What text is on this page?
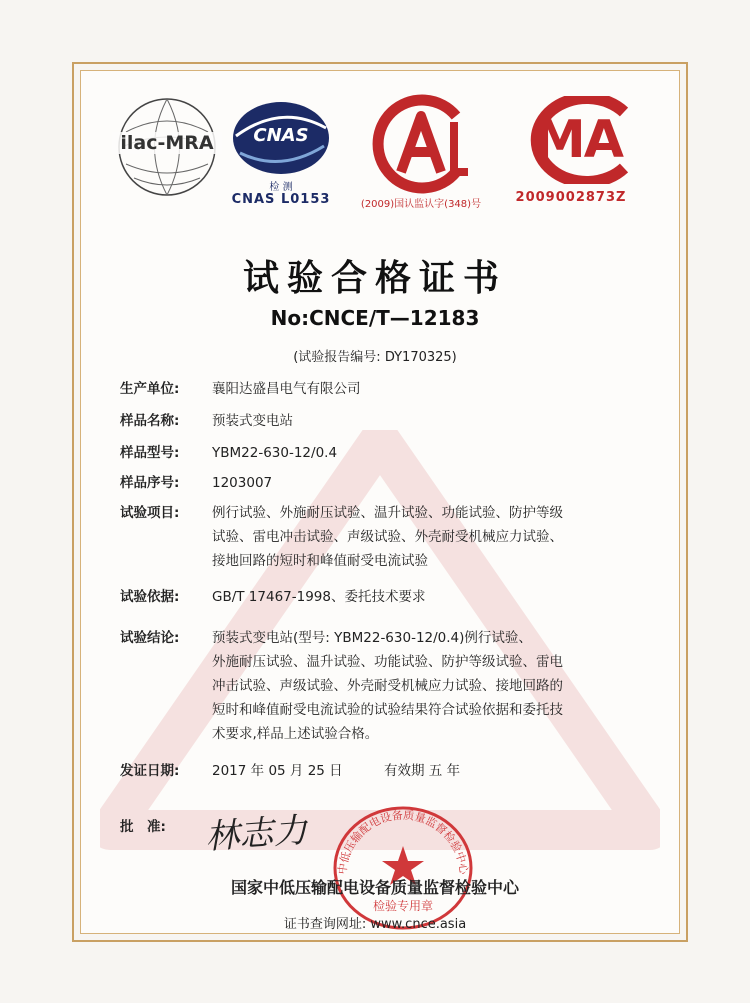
ilac-MRA	CNAS
检 测
CNAS L0153	(2009)国认监认字(348)号
MA
2009002873Z
试验合格证书
No:CNCE/T—12183
(试验报告编号: DY170325)
生产单位:	襄阳达盛昌电气有限公司
样品名称:	预装式变电站
样品型号:	YBM22-630-12/0.4
样品序号:	1203007
试验项目:	例行试验、外施耐压试验、温升试验、功能试验、防护等级
试验、雷电冲击试验、声级试验、外壳耐受机械应力试验、
接地回路的短时和峰值耐受电流试验
试验依据:	GB/T 17467-1998、委托技术要求
试验结论:	预装式变电站(型号: YBM22-630-12/0.4)例行试验、
外施耐压试验、温升试验、功能试验、防护等级试验、雷电
冲击试验、声级试验、外壳耐受机械应力试验、接地回路的
短时和峰值耐受电流试验的试验结果符合试验依据和委托技
术要求,样品上述试验合格。
发证日期:	2017 年 05 月 25 日	有效期 五 年
批　准:	林志力
中低压输配电设备质量监督检验中心
检验专用章
国家中低压输配电设备质量监督检验中心
证书查询网址: www.cnce.asia
